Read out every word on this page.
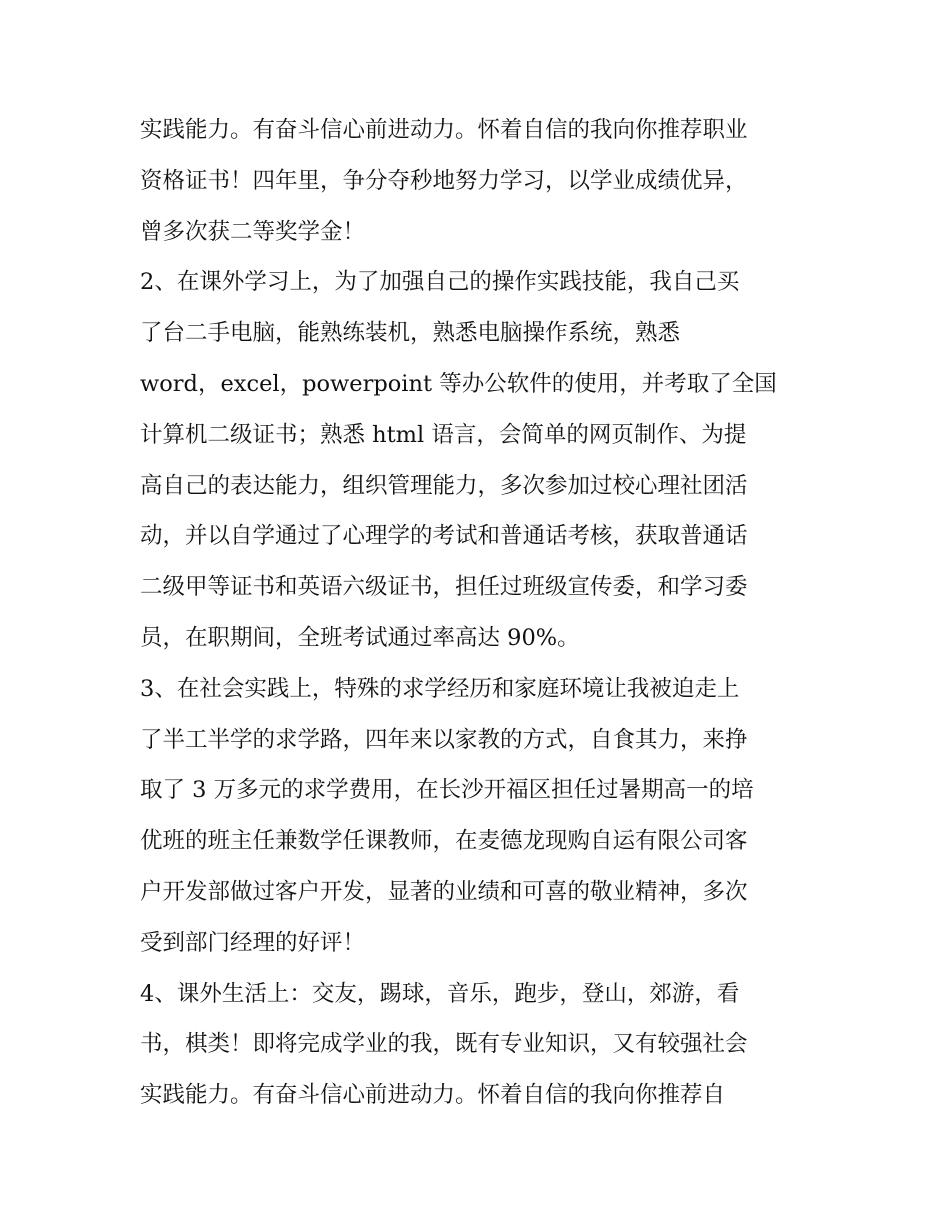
实践能力。有奋斗信心前进动力。怀着自信的我向你推荐职业
资格证书！四年里，争分夺秒地努力学习，以学业成绩优异，
曾多次获二等奖学金！
2、在课外学习上，为了加强自己的操作实践技能，我自己买
了台二手电脑，能熟练装机，熟悉电脑操作系统，熟悉
word，excel，powerpoint 等办公软件的使用，并考取了全国
计算机二级证书；熟悉 html 语言，会简单的网页制作、为提
高自己的表达能力，组织管理能力，多次参加过校心理社团活
动，并以自学通过了心理学的考试和普通话考核，获取普通话
二级甲等证书和英语六级证书，担任过班级宣传委，和学习委
员，在职期间，全班考试通过率高达 90%。
3、在社会实践上，特殊的求学经历和家庭环境让我被迫走上
了半工半学的求学路，四年来以家教的方式，自食其力，来挣
取了 3 万多元的求学费用，在长沙开福区担任过暑期高一的培
优班的班主任兼数学任课教师，在麦德龙现购自运有限公司客
户开发部做过客户开发，显著的业绩和可喜的敬业精神，多次
受到部门经理的好评！
4、课外生活上：交友，踢球，音乐，跑步，登山，郊游，看
书，棋类！即将完成学业的我，既有专业知识，又有较强社会
实践能力。有奋斗信心前进动力。怀着自信的我向你推荐自
